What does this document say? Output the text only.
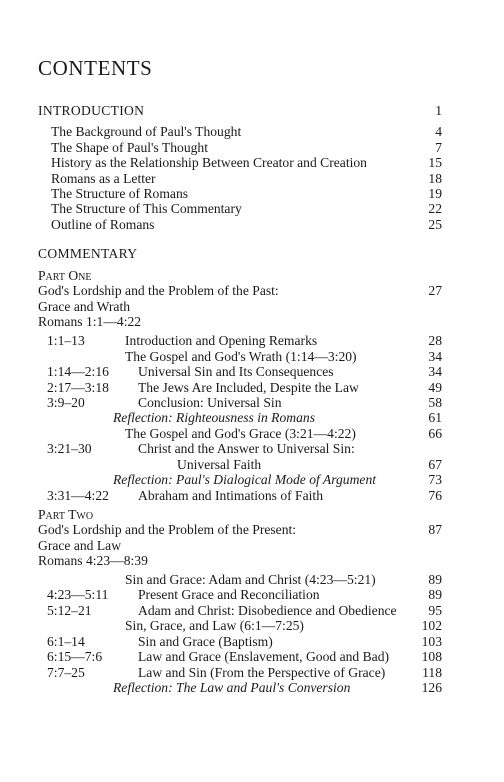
CONTENTS
INTRODUCTION	1
The Background of Paul's Thought	4
The Shape of Paul's Thought	7
History as the Relationship Between Creator and Creation	15
Romans as a Letter	18
The Structure of Romans	19
The Structure of This Commentary	22
Outline of Romans	25
COMMENTARY
Part One
God's Lordship and the Problem of the Past:	27
Grace and Wrath
Romans 1:1—4:22
1:1–13	Introduction and Opening Remarks	28
The Gospel and God's Wrath (1:14—3:20)	34
1:14—2:16 Universal Sin and Its Consequences	34
2:17—3:18 The Jews Are Included, Despite the Law	49
3:9–20	Conclusion: Universal Sin	58
Reflection: Righteousness in Romans	61
The Gospel and God's Grace (3:21—4:22)	66
3:21–30	Christ and the Answer to Universal Sin:
Universal Faith	67
Reflection: Paul's Dialogical Mode of Argument	73
3:31—4:22 Abraham and Intimations of Faith	76
Part Two
God's Lordship and the Problem of the Present:	87
Grace and Law
Romans 4:23—8:39
Sin and Grace: Adam and Christ (4:23—5:21)	89
4:23—5:11 Present Grace and Reconciliation	89
5:12–21	Adam and Christ: Disobedience and Obedience 95
Sin, Grace, and Law (6:1—7:25)	102
6:1–14	Sin and Grace (Baptism)	103
6:15—7:6	Law and Grace (Enslavement, Good and Bad) 108
7:7–25	Law and Sin (From the Perspective of Grace)	118
Reflection: The Law and Paul's Conversion	126
